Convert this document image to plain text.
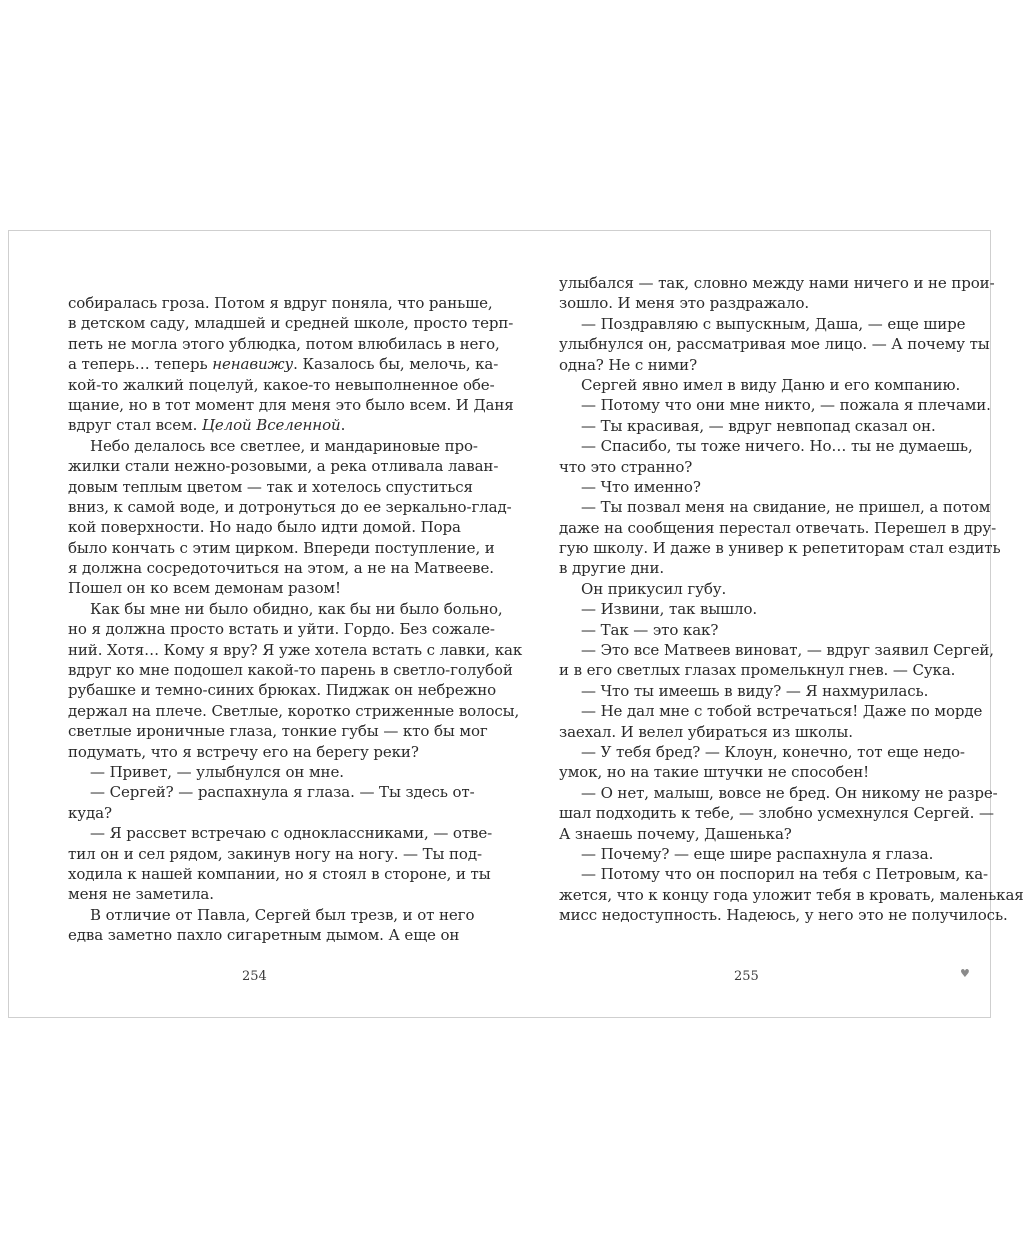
собиралась гроза. Потом я вдруг поняла, что раньше,
в детском саду, младшей и средней школе, просто терп-
петь не могла этого ублюдка, потом влюбилась в него,
а теперь… теперь ненавижу. Казалось бы, мелочь, ка-
кой-то жалкий поцелуй, какое-то невыполненное обе-
щание, но в тот момент для меня это было всем. И Даня
вдруг стал всем. Целой Вселенной.
Небо делалось все светлее, и мандариновые про-
жилки стали нежно-розовыми, а река отливала лаван-
довым теплым цветом — так и хотелось спуститься
вниз, к самой воде, и дотронуться до ее зеркально-глад-
кой поверхности. Но надо было идти домой. Пора
было кончать с этим цирком. Впереди поступление, и
я должна сосредоточиться на этом, а не на Матвееве.
Пошел он ко всем демонам разом!
Как бы мне ни было обидно, как бы ни было больно,
но я должна просто встать и уйти. Гордо. Без сожале-
ний. Хотя… Кому я вру? Я уже хотела встать с лавки, как
вдруг ко мне подошел какой-то парень в светло-голубой
рубашке и темно-синих брюках. Пиджак он небрежно
держал на плече. Светлые, коротко стриженные волосы,
светлые ироничные глаза, тонкие губы — кто бы мог
подумать, что я встречу его на берегу реки?
— Привет, — улыбнулся он мне.
— Сергей? — распахнула я глаза. — Ты здесь от-
куда?
— Я рассвет встречаю с одноклассниками, — отве-
тил он и сел рядом, закинув ногу на ногу. — Ты под-
ходила к нашей компании, но я стоял в стороне, и ты
меня не заметила.
В отличие от Павла, Сергей был трезв, и от него
едва заметно пахло сигаретным дымом. А еще он
улыбался — так, словно между нами ничего и не прои-
зошло. И меня это раздражало.
— Поздравляю с выпускным, Даша, — еще шире
улыбнулся он, рассматривая мое лицо. — А почему ты
одна? Не с ними?
Сергей явно имел в виду Даню и его компанию.
— Потому что они мне никто, — пожала я плечами.
— Ты красивая, — вдруг невпопад сказал он.
— Спасибо, ты тоже ничего. Но… ты не думаешь,
что это странно?
— Что именно?
— Ты позвал меня на свидание, не пришел, а потом
даже на сообщения перестал отвечать. Перешел в дру-
гую школу. И даже в универ к репетиторам стал ездить
в другие дни.
Он прикусил губу.
— Извини, так вышло.
— Так — это как?
— Это все Матвеев виноват, — вдруг заявил Сергей,
и в его светлых глазах промелькнул гнев. — Сука.
— Что ты имеешь в виду? — Я нахмурилась.
— Не дал мне с тобой встречаться! Даже по морде
заехал. И велел убираться из школы.
— У тебя бред? — Клоун, конечно, тот еще недо-
умок, но на такие штучки не способен!
— О нет, малыш, вовсе не бред. Он никому не разре-
шал подходить к тебе, — злобно усмехнулся Сергей. —
А знаешь почему, Дашенька?
— Почему? — еще шире распахнула я глаза.
— Потому что он поспорил на тебя с Петровым, ка-
жется, что к концу года уложит тебя в кровать, маленькая
мисс недоступность. Надеюсь, у него это не получилось.
254	255	♥
